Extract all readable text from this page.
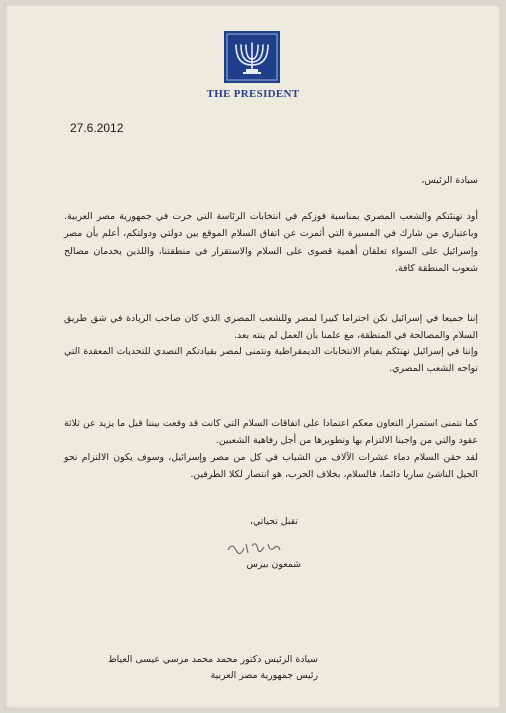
THE PRESIDENT
27.6.2012
سيادة الرئيس،
أود تهنئتكم والشعب المصري بمناسبة فوزكم في انتخابات الرئاسة التي جرت في جمهورية مصر العربية. وباعتباري من شارك في المسيرة التي أثمرت عن اتفاق السلام الموقع بين دولتي ودولتكم، أعلم بأن مصر وإسرائيل على السواء تعلقان أهمية قصوى على السلام والاستقرار في منطقتنا، واللذين يخدمان مصالح شعوب المنطقة كافة.
إننا جميعا في إسرائيل نكن احتراما كبيرا لمصر وللشعب المصري الذي كان صاحب الريادة في شق طريق السلام والمصالحة في المنطقة، مع علمنا بأن العمل لم ينته بعد.
وإننا في إسرائيل نهنئكم بقيام الانتخابات الديمقراطية ونتمنى لمصر بقيادتكم التصدي للتحديات المعقدة التي تواجه الشعب المصري.
كما نتمنى استمرار التعاون معكم اعتمادا على اتفاقات السلام التي كانت قد وقعت بيننا قبل ما يزيد عن ثلاثة عقود والتي من واجبنا الالتزام بها وتطويرها من أجل رفاهية الشعبين.
لقد حقن السلام دماء عشرات الآلاف من الشباب في كل من مصر وإسرائيل، وسوف يكون الالتزام نحو الجيل الناشئ ساريا دائما، فالسلام، بخلاف الحرب، هو انتصار لكلا الطرفين.
تقبل تحياتي،
شمعون بيرس
سيادة الرئيس دكتور محمد محمد مرسي عيسى العياط
رئيس جمهورية مصر العربية
